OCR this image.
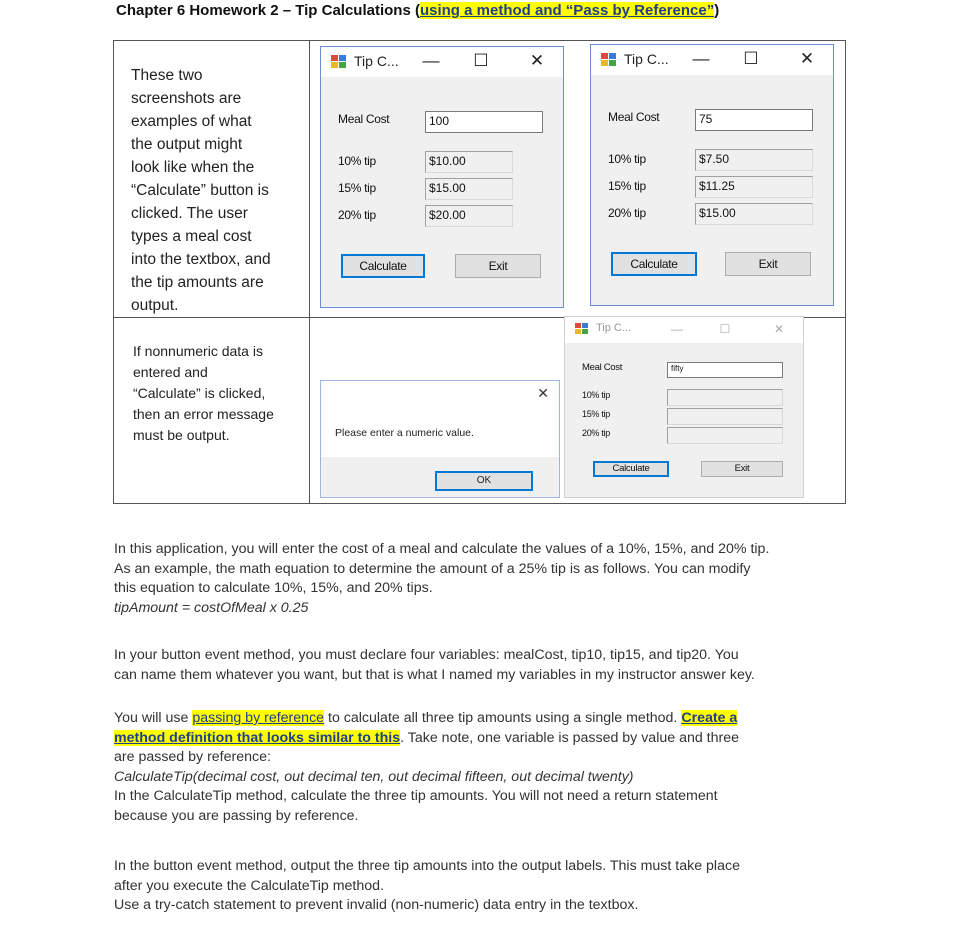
Chapter 6 Homework 2 – Tip Calculations (using a method and “Pass by Reference”)
These two
screenshots are
examples of what
the output might
look like when the
“Calculate” button is
clicked. The user
types a meal cost
into the textbox, and
the tip amounts are
output.
If nonnumeric data is
entered and
“Calculate” is clicked,
then an error message
must be output.
Tip C...	—	☐	✕
Meal Cost	100
10% tip	$10.00
15% tip	$15.00
20% tip	$20.00
Calculate	Exit
Tip C...	—	☐	✕
Meal Cost	75
10% tip	$7.50
15% tip	$11.25
20% tip	$15.00
Calculate	Exit
Tip C...	—	☐	✕
Meal Cost	fifty
10% tip
15% tip
20% tip
Calculate	Exit
✕
Please enter a numeric value.
OK
In this application, you will enter the cost of a meal and calculate the values of a 10%, 15%, and 20% tip.
As an example, the math equation to determine the amount of a 25% tip is as follows. You can modify
this equation to calculate 10%, 15%, and 20% tips.
tipAmount = costOfMeal x 0.25
In your button event method, you must declare four variables: mealCost, tip10, tip15, and tip20. You
can name them whatever you want, but that is what I named my variables in my instructor answer key.
You will use passing by reference to calculate all three tip amounts using a single method. Create a
method definition that looks similar to this. Take note, one variable is passed by value and three
are passed by reference:
CalculateTip(decimal cost, out decimal ten, out decimal fifteen, out decimal twenty)
In the CalculateTip method, calculate the three tip amounts. You will not need a return statement
because you are passing by reference.
In the button event method, output the three tip amounts into the output labels. This must take place
after you execute the CalculateTip method.
Use a try-catch statement to prevent invalid (non-numeric) data entry in the textbox.
